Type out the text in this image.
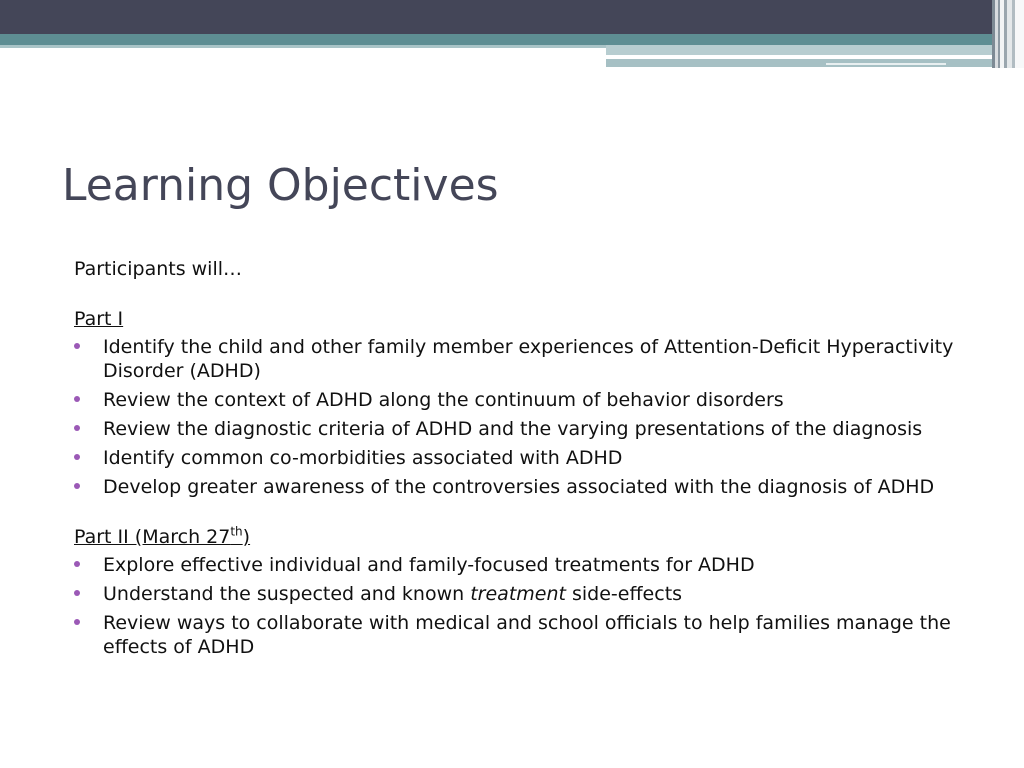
Learning Objectives

Participants will…

Part I

Identify the child and other family member experiences of Attention-Deficit Hyperactivity Disorder (ADHD)
Review the context of ADHD along the continuum of behavior disorders
Review the diagnostic criteria of ADHD and the varying presentations of the diagnosis
Identify common co-morbidities associated with ADHD
Develop greater awareness of the controversies associated with the diagnosis of ADHD

Part II (March 27th)

Explore effective individual and family-focused treatments for ADHD
Understand the suspected and known treatment side-effects
Review ways to collaborate with medical and school officials to help families manage the effects of ADHD
